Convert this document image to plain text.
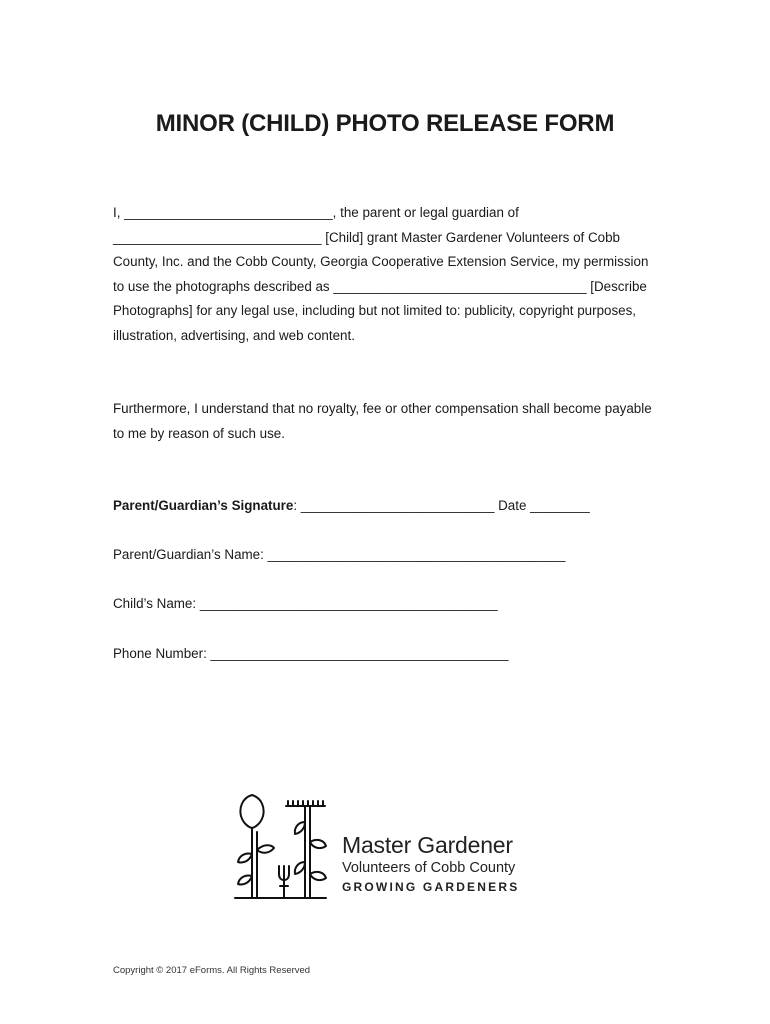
MINOR (CHILD) PHOTO RELEASE FORM

I, ____________________________, the parent or legal guardian of ____________________________ [Child] grant Master Gardener Volunteers of Cobb County, Inc. and the Cobb County, Georgia Cooperative Extension Service, my permission to use the photographs described as __________________________________ [Describe Photographs] for any legal use, including but not limited to: publicity, copyright purposes, illustration, advertising, and web content.

Furthermore, I understand that no royalty, fee or other compensation shall become payable to me by reason of such use.

Parent/Guardian’s Signature: __________________________ Date ________

Parent/Guardian’s Name: ________________________________________

Child’s Name: ________________________________________

Phone Number: ________________________________________

Master Gardener
Volunteers of Cobb County
GROWING GARDENERS

Copyright © 2017 eForms. All Rights Reserved
